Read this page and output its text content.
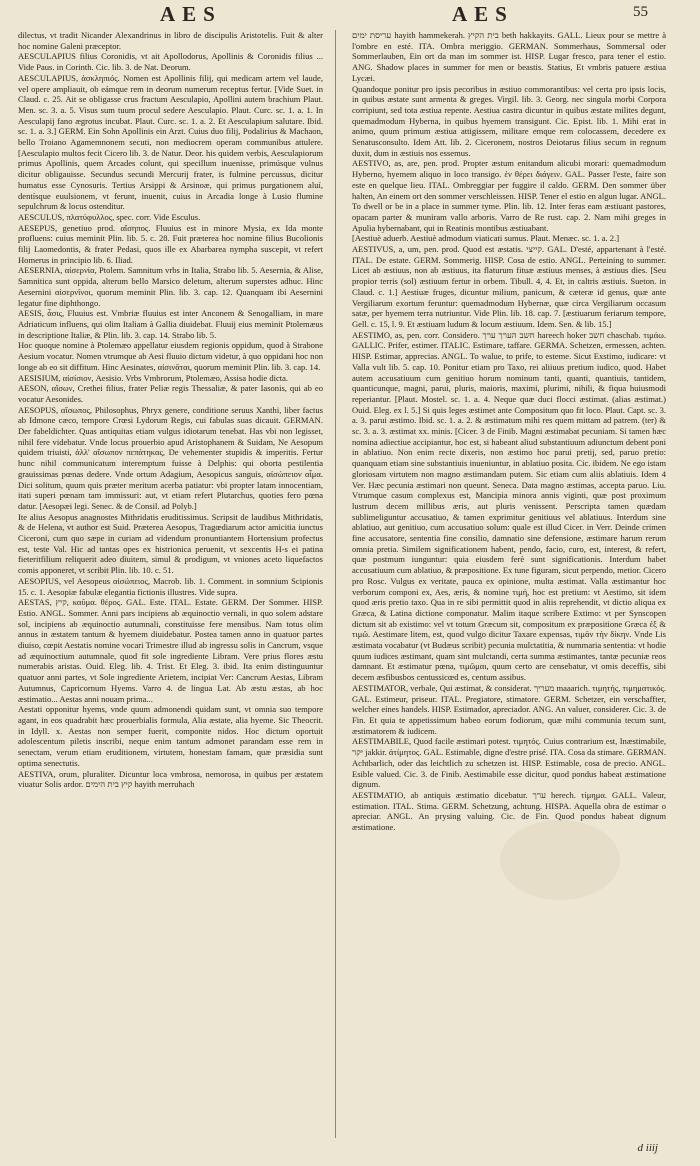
AES	AES	55

dilectus, vt tradit Nicander Alexandrinus in libro de discipulis Aristotelis. Fuit & alter hoc nomine Galeni præceptor.

AESCULAPIUS filius Coronidis, vt ait Apollodorus, Apollinis & Coronidis filius ... Vide Paus. in Corinth. Cic. lib. 3. de Nat. Deorum.

AESCULAPIUS, ἀσκληπιός. Nomen est Apollinis filij, qui medicam artem vel laude, vel opere ampliauit, ob eámque rem in deorum numerum receptus fertur. [Vide Suet. in Claud. c. 25. Ait se obligasse crus fractum Aesculapio, Apollini autem brachium Plaut. Men. sc. 3. a. 5. Visus sum tuum procul sedere Aesculapio. Plaut. Curc. sc. 1. a. 1. In Aesculapij fano ægrotus incubat. Plaut. Curc. sc. 1. a. 2. Et Aesculapium salutare. Ibid. sc. 1. a. 3.] GERM. Ein Sohn Apollinis ein Arzt. Cuius duo filij, Podalirius & Machaon, bello Troiano Agamemnonem secuti, non mediocrem operam communibus attulere. [Aesculapio multos fecit Cicero lib. 3. de Natur. Deor. his quidem verbis, Aesculapiorum primus Apollinis, quem Arcades colunt, qui specillum inuenisse, primúsque vulnus dicitur obligauisse. Secundus secundi Mercurij frater, is fulmine percussus, dicitur humatus esse Cynosuris. Tertius Arsippi & Arsinoæ, qui primus purgationem aluí, dentísque euulsionem, vt ferunt, inuenit, cuius in Arcadia longe à Lusio flumine sepulchrum & locus ostenditur.

AESCULUS, πλατύφυλλος, spec. corr. Vide Esculus.

AESEPUS, genetiuo prod. αἴσηπος. Fluuius est in minore Mysia, ex Ida monte profluens: cuius meminit Plin. lib. 5. c. 28. Fuit præterea hoc nomine filius Bucolionis filij Laomedontis, & frater Pedasi, quos ille ex Abarbarea nympha suscepit, vt refert Homerus in principio lib. 6. Iliad.

AESERNIA, αἰσερνία, Ptolem. Samnitum vrbs in Italia, Strabo lib. 5. Aesernia, & Alise, Samnitica sunt oppida, alterum bello Marsico deletum, alterum superstes adhuc. Hinc Aesernini αἰσερνῖνοι, quorum meminit Plin. lib. 3. cap. 12. Quanquam ibi Aesernini legatur fine diphthongo.

AESIS, ἆσις, Fluuius est. Vmbriæ fluuius est inter Anconem & Senogalliam, in mare Adriaticum influens, qui olim Italiam à Gallia diuidebat. Fluuij eius meminit Ptolemæus in descriptione Italiæ, & Plin. lib. 3. cap. 14. Strabo lib. 5.

Hoc quoque nomine à Ptolemæo appellatur eiusdem regionis oppidum, quod à Strabone Aesium vocatur. Nomen vtrumque ab Aesi fluuio dictum videtur, à quo oppidani hoc non longe ab eo sit diffitum. Hinc Aesinates, αἰσινᾶται, quorum meminit Plin. lib. 3. cap. 14.

AESISIUM, αἰσίσιον, Aesisio. Vrbs Vmbrorum, Ptolemæo, Assisa hodie dicta.

AESON, αἴσων, Crethei filius, frater Peliæ regis Thessaliæ, & pater Iasonis, qui ab eo vocatur Aesonides.

AESOPUS, αἴσωπος, Philosophus, Phryx genere, conditione seruus Xanthi, liber factus ab Idmone cæco, tempore Crœsi Lydorum Regis, cui fabulas suas dicauit. GERMAN. Der fabeldichter. Quas antiquitas etiam vulgus idiotarum tenebat. Has vbi non legisset, nihil fere videbatur. Vnde locus prouerbio apud Aristophanem & Suidam, Ne Aesopum quidem triuisti, ἀλλ' αἴσωπον πεπάτηκας, De vehementer stupidis & imperitis. Fertur hunc nihil communicatum interemptum fuisse à Delphis: qui oborta pestilentia grauissimas pœnas dedere. Vnde ortum Adagium, Aesopicus sanguis, αἰσώπειον αἷμα. Dici solitum, quum quis præter meritum acerba patiatur: vbi propter latam innocentiam, itati superi pœnam tam immissuri: aut, vt etiam refert Plutarchus, quoties fero pœna datur. [Aesopæi legi. Senec. & de Consil. ad Polyb.]

Ite alius Aesopus anagnostes Mithridatis eruditissimus. Scripsit de laudibus Mithridatis, & de Helena, vt author est Suid. Præterea Aesopus, Tragœdiarum actor amicitia iunctus Ciceroni, cum quo sæpe in curiam ad videndum pronuntiantem Hortensium profectus est, teste Val. Hic ad tantas opes ex histrionica peruenit, vt sexcentis H-s ei patina fieteritfilium reliquerit adeo diuitem, simul & prodigum, vt vniones aceto liquefactos comis apponeret, vt scribit Plin. lib. 10. c. 51.

AESOPIUS, vel Aesopeus αἰσώπειος, Macrob. lib. 1. Comment. in somnium Scipionis 15. c. 1. Aesopiæ fabulæ elegantia fictionis illustres. Vide supra.

AESTAS, קיץ, καῦμα. θέρος. GAL. Este. ITAL. Estate. GERM. Der Sommer. HISP. Estio. ANGL. Sommer. Anni pars incipiens ab æquinoctio vernali, in quo solem adstare sol, incipiens ab æquinoctio autumnali, constituisse fere mensibus. Nam totus olim annus in æstatem tantum & hyemem diuidebatur. Postea tamen anno in quatuor partes diuiso, cœpit Aestatis nomine vocari Trimestre illud ab ingressu solis in Cancrum, vsque ad æquinoctium autumnale, quod fit sole ingrediente Libram. Vere prius flores æstu numerabis aristas. Ouid. Eleg. lib. 4. Trist. Et Eleg. 3. ibid. Ita enim distinguuntur quatuor anni partes, vt Sole ingrediente Arietem, incipiat Ver: Cancrum Aestas, Libram Autumnus, Capricornum Hyems. Varro 4. de lingua Lat. Ab æstu æstas, ab hoc æstimatio... Aestas anni nouam prima...

Aestati opponitur hyems, vnde quum admonendi quidam sunt, vt omnia suo tempore agant, in eos quadrabit hæc prouerbialis formula, Alia æstate, alia hyeme. Sic Theocrit. in Idyll. x. Aestas non semper fuerit, componite nidos. Hoc dictum oportuit adolescentum piletis inscribi, neque enim tantum admonet parandam esse rem in senectam, verum etiam eruditionem, virtutem, honestam famam, quæ præsidia sunt optima senectutis.

AESTIVA, orum, pluraliter. Dicuntur loca vmbrosa, nemorosa, in quibus per æstatem viuatur Solis ardor. קיץ בית הימים hayith merruhach

עריסת ימים hayith hammekerah. בית הקיץ beth hakkayits. GALL. Lieux pour se mettre à l'ombre en esté. ITA. Ombra meriggio. GERMAN. Sommerhaus, Sommersal oder Sommerlauben, Ein ort da man im sommer ist. HISP. Lugar fresco, para tener el estio. ANG. Shadow places in summer for men or beastis. Statius, Et vmbris patuere æstiua Lycæi.

Quandoque ponitur pro ipsis pecoribus in æstiuo commorantibus: vel certa pro ipsis locis, in quibus æstate sunt armenta & greges. Virgil. lib. 3. Georg. nec singula morbi Corpora corripiunt, sed tota æstiua repente. Aestiua castra dicuntur in quibus æstate milites degunt, quemadmodum Hyberna, in quibus hyemem transigunt. Cic. Epist. lib. 1. Mihi erat in animo, quum primum æstiua attigissem, militare emque rem colocassem, decedere ex Senatusconsulto. Idem Att. lib. 2. Ciceronem, nostros Deiotarus filius secum in regnum duxit, dum in æstiuis nos essemus.

AESTIVO, as, are, pen. prod. Propter æstum enitandum alicubi morari: quemadmodum Hyberno, hyemem aliquo in loco transigo. ἐν θέρει διάγειν. GAL. Passer l'este, faire son este en quelque lieu. ITAL. Ombreggiar per fuggire il caldo. GERM. Den sommer über halten, An einem ort den sommer verschleissen. HISP. Tener el estio en algun lugar. ANGL. To dwell or be in a place in summer tyme. Plin. lib. 12. Inter feras eam æstiuant pastores, opacam parter & muniram vallo arboris. Varro de Re rust. cap. 2. Nam mihi greges in Apulia hybernabant, qui in Reatinis montibus æstiuabant.

[Aestiuè aduerb. Aestiuè admodum viaticati sumus. Plaut. Menæc. sc. 1. a. 2.]

AESTIVUS, a, um, pen. prod. Quod est æstatis. קייצי. GAL. D'esté, appartenant à l'esté. ITAL. De estate. GERM. Sommerig. HISP. Cosa de estio. ANGL. Perteining to summer. Licet ab æstiuus, non ab æstiuus, ita flaturum fituæ æstiuus menses, à æstiuus dies. [Seu propior terris (sol) æstiuum fertur in orbem. Tibull. 4, 4. Et, in caltris æstiuis. Sueton. in Claud. c. 1.] Aestiuæ fruges, dicuntur milium, panicum, & cæteræ id genus, quæ ante Vergiliarum exortum feruntur: quemadmodum Hybernæ, quæ circa Vergiliarum occasum satæ, per hyemem terra nutriuntur. Vide Plin. lib. 18. cap. 7. [æstiuarum feriarum tempore, Gell. c. 15, l. 9. Et æstiuam ludum & locum æstiuum. Idem. Sen. & lib. 15.]

AESTIMO, as, pen. corr. Considero. חשב הערך ערך hareech hoker חשב chaschab. τιμάω. GALLIC. Prifer, estimer. ITALIC. Estimare, taffare. GERMA. Schetzen, ermessen, achten. HISP. Estimar, apprecias. ANGL. To walue, to prife, to esteme. Sicut Exstimo, iudicare: vt Valla vult lib. 5. cap. 10. Ponitur etiam pro Taxo, rei aliiuus pretium iudico, quod. Habet autem accusatiuum cum genitiuo horum nominum tanti, quanti, quantiuis, tantidem, quanticunque, magni, parui, pluris, maioris, maximi, plurimi, nihili, & fiqua huiusmodi reperiantur. [Plaut. Mostel. sc. 1. a. 4. Neque quæ duci flocci æstimat. (alias æstimat.) Ouid. Eleg. ex l. 5.] Si quis leges æstimet ante Compositum quo fit loco. Plaut. Capt. sc. 3. a. 3. parui æstimo. Ibid. sc. 1. a. 2. & æstimatum mihi res quem mittam ad patrem. (ter) & sc. 3. a. 3. æstimat xx. minis. [Cicer. 3 de Finib. Magni æstimabat pecuniam. Si tamen hæc nomina adiectiue accipiantur, hoc est, si habeant aliud substantiuum adiunctum debent poni in ablatiuo. Non enim recte dixeris, non æstimo hoc parui pretij, sed, paruo pretio: quanquam etiam sine substantiuis inueniuntur, in ablatiuo posita. Cic. ibidem. Ne ego istam gloriosam virtutem non magno æstimandam putem. Sic etiam cum aliis ablatiuis. Idem 4 Ver. Hæc pecunia æstimari non queunt. Seneca. Data magno æstimas, accepta paruo. Liu. Vtrumque casum complexus est, Mancipia minora annis viginti, quæ post proximum lustrum decem millibus æris, aut pluris venissent. Perscripta tamen quædam sublimeliguntur accusatiuo, & tamen exprimitur genitiuus vel ablatiuus. Interdum sine ablatiuo, aut genitiuo, cum accusatiuo solum: quale est illud Cicer. in Verr. Deinde crimen fine accusatore, sententia fine consilio, damnatio sine defensione, æstimare harum rerum omnia pretia. Similem significationem habent, pendo, facio, curo, est, interest, & refert, quæ postmum iunguntur: quia eiusdem ferè sunt significationis. Interdum habet accusatiuum cum ablatiuo, & præpositione. Ex tune figuram, sicut perpendo, metior. Cicero pro Rosc. Vulgus ex veritate, pauca ex opinione, multa æstimat. Valla æstimantur hoc verborum componi ex, Aes, æris, & nomine τιμή, hoc est pretium: vt Aestimo, sit idem quod æris pretio taxo. Qua in re sibi permittit quod in aliis reprehendit, vt dictio aliqua ex Græca, & Latina dictione componatur. Malim itaque scribere Extimo: vt per Synscopen dictum sit ab existimo: vel vt totum Græcum sit, compositum ex præpositione Græca ἐξ & τιμῶ. Aestimare litem, est, quod vulgo dicitur Taxare expensas, τιμᾶν τὴν δίκην. Vnde Lis æstimata vocabatur (vt Budæus scribit) pecunia mulctatitia, & nummaria sententia: vt hodie quum iudices æstimant, quam sint mulctandi, certa summa æstimantes, tantæ pecuniæ reos damnant. Et æstimatur pœna, τιμῶμαι, quum certo are censebatur, vt omis deceffis, sibi decem æsfibusbos centussicœd es, centum assibus.

AESTIMATOR, verbale, Qui æstimat, & considerat. מעריך maaarich. τιμητής, τιμηματικός. GAL. Estimeur, priseur. ITAL. Pregiatore, stimatore. GERM. Schetzer, ein verschaffter, welcher eines handels. HISP. Estimador, apreciador. ANG. An valuer, considerer. Cic. 3. de Fin. Et quia te appetissimum habeo eorum fodiorum, quæ mihi communia tecum sunt, æstimatorem & iudicem.

AESTIMABILE, Quod facile æstimari potest. τιμητός. Cuius contrarium est, Inæstimabile, יקר jakkir. ἀτίμητος. GAL. Estimable, digne d'estre prisé. ITA. Cosa da stimare. GERMAN. Achtbarlich, oder das leichtlich zu schetzen ist. HISP. Estimable, cosa de precio. ANGL. Esible valued. Cic. 3. de Finib. Aestimabile esse dicitur, quod pondus habeat æstimatione dignum.

AESTIMATIO, ab antiquis æstimatio dicebatur. ערך herech. τίμημα. GALL. Valeur, estimation. ITAL. Stima. GERM. Schetzung, achtung. HISPA. Aquella obra de estimar o apreciar. ANGL. An prysing valuing. Cic. de Fin. Quod pondus habeat dignum æstimatione.

d iiij
